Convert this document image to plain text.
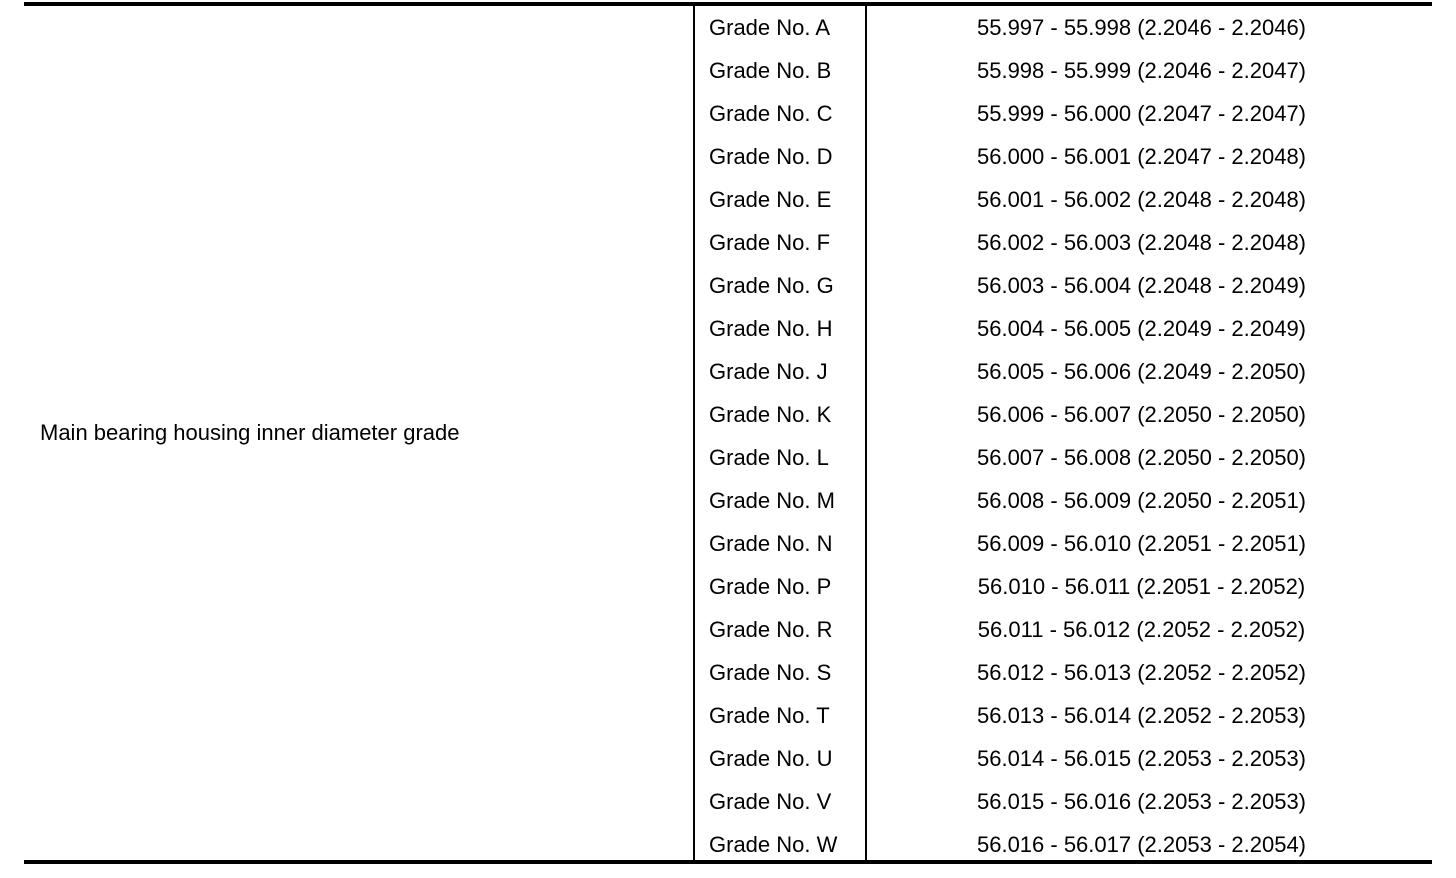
Main bearing housing inner diameter grade
Grade No. A	55.997 - 55.998 (2.2046 - 2.2046)
Grade No. B	55.998 - 55.999 (2.2046 - 2.2047)
Grade No. C	55.999 - 56.000 (2.2047 - 2.2047)
Grade No. D	56.000 - 56.001 (2.2047 - 2.2048)
Grade No. E	56.001 - 56.002 (2.2048 - 2.2048)
Grade No. F	56.002 - 56.003 (2.2048 - 2.2048)
Grade No. G	56.003 - 56.004 (2.2048 - 2.2049)
Grade No. H	56.004 - 56.005 (2.2049 - 2.2049)
Grade No. J	56.005 - 56.006 (2.2049 - 2.2050)
Grade No. K	56.006 - 56.007 (2.2050 - 2.2050)
Grade No. L	56.007 - 56.008 (2.2050 - 2.2050)
Grade No. M	56.008 - 56.009 (2.2050 - 2.2051)
Grade No. N	56.009 - 56.010 (2.2051 - 2.2051)
Grade No. P	56.010 - 56.011 (2.2051 - 2.2052)
Grade No. R	56.011 - 56.012 (2.2052 - 2.2052)
Grade No. S	56.012 - 56.013 (2.2052 - 2.2052)
Grade No. T	56.013 - 56.014 (2.2052 - 2.2053)
Grade No. U	56.014 - 56.015 (2.2053 - 2.2053)
Grade No. V	56.015 - 56.016 (2.2053 - 2.2053)
Grade No. W	56.016 - 56.017 (2.2053 - 2.2054)
